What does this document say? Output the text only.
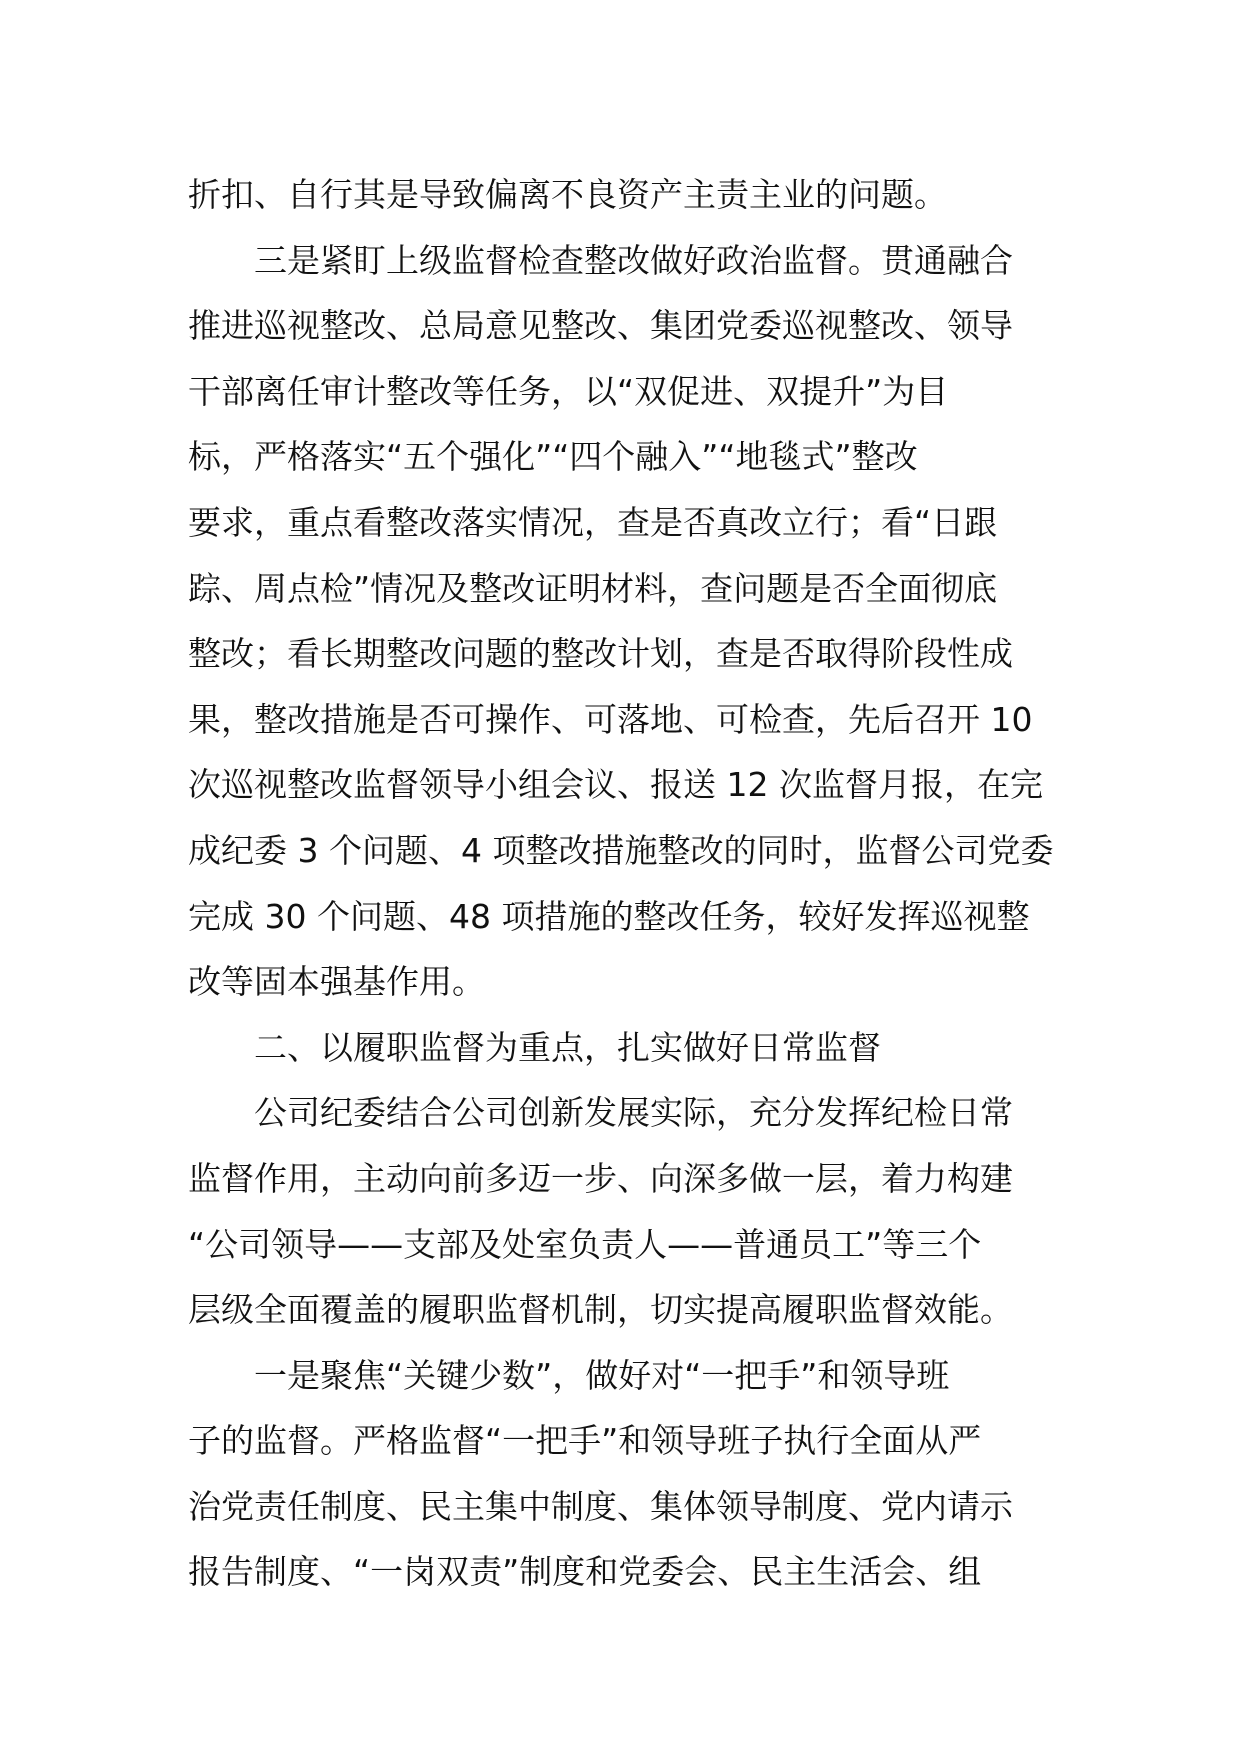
折扣、自行其是导致偏离不良资产主责主业的问题。
三是紧盯上级监督检查整改做好政治监督。贯通融合
推进巡视整改、总局意见整改、集团党委巡视整改、领导
干部离任审计整改等任务，以“双促进、双提升”为目
标，严格落实“五个强化”“四个融入”“地毯式”整改
要求，重点看整改落实情况，查是否真改立行；看“日跟
踪、周点检”情况及整改证明材料，查问题是否全面彻底
整改；看长期整改问题的整改计划，查是否取得阶段性成
果，整改措施是否可操作、可落地、可检查，先后召开 10
次巡视整改监督领导小组会议、报送 12 次监督月报，在完
成纪委 3 个问题、4 项整改措施整改的同时，监督公司党委
完成 30 个问题、48 项措施的整改任务，较好发挥巡视整
改等固本强基作用。
二、以履职监督为重点，扎实做好日常监督
公司纪委结合公司创新发展实际，充分发挥纪检日常
监督作用，主动向前多迈一步、向深多做一层，着力构建
“公司领导——支部及处室负责人——普通员工”等三个
层级全面覆盖的履职监督机制，切实提高履职监督效能。
一是聚焦“关键少数”，做好对“一把手”和领导班
子的监督。严格监督“一把手”和领导班子执行全面从严
治党责任制度、民主集中制度、集体领导制度、党内请示
报告制度、“一岗双责”制度和党委会、民主生活会、组
